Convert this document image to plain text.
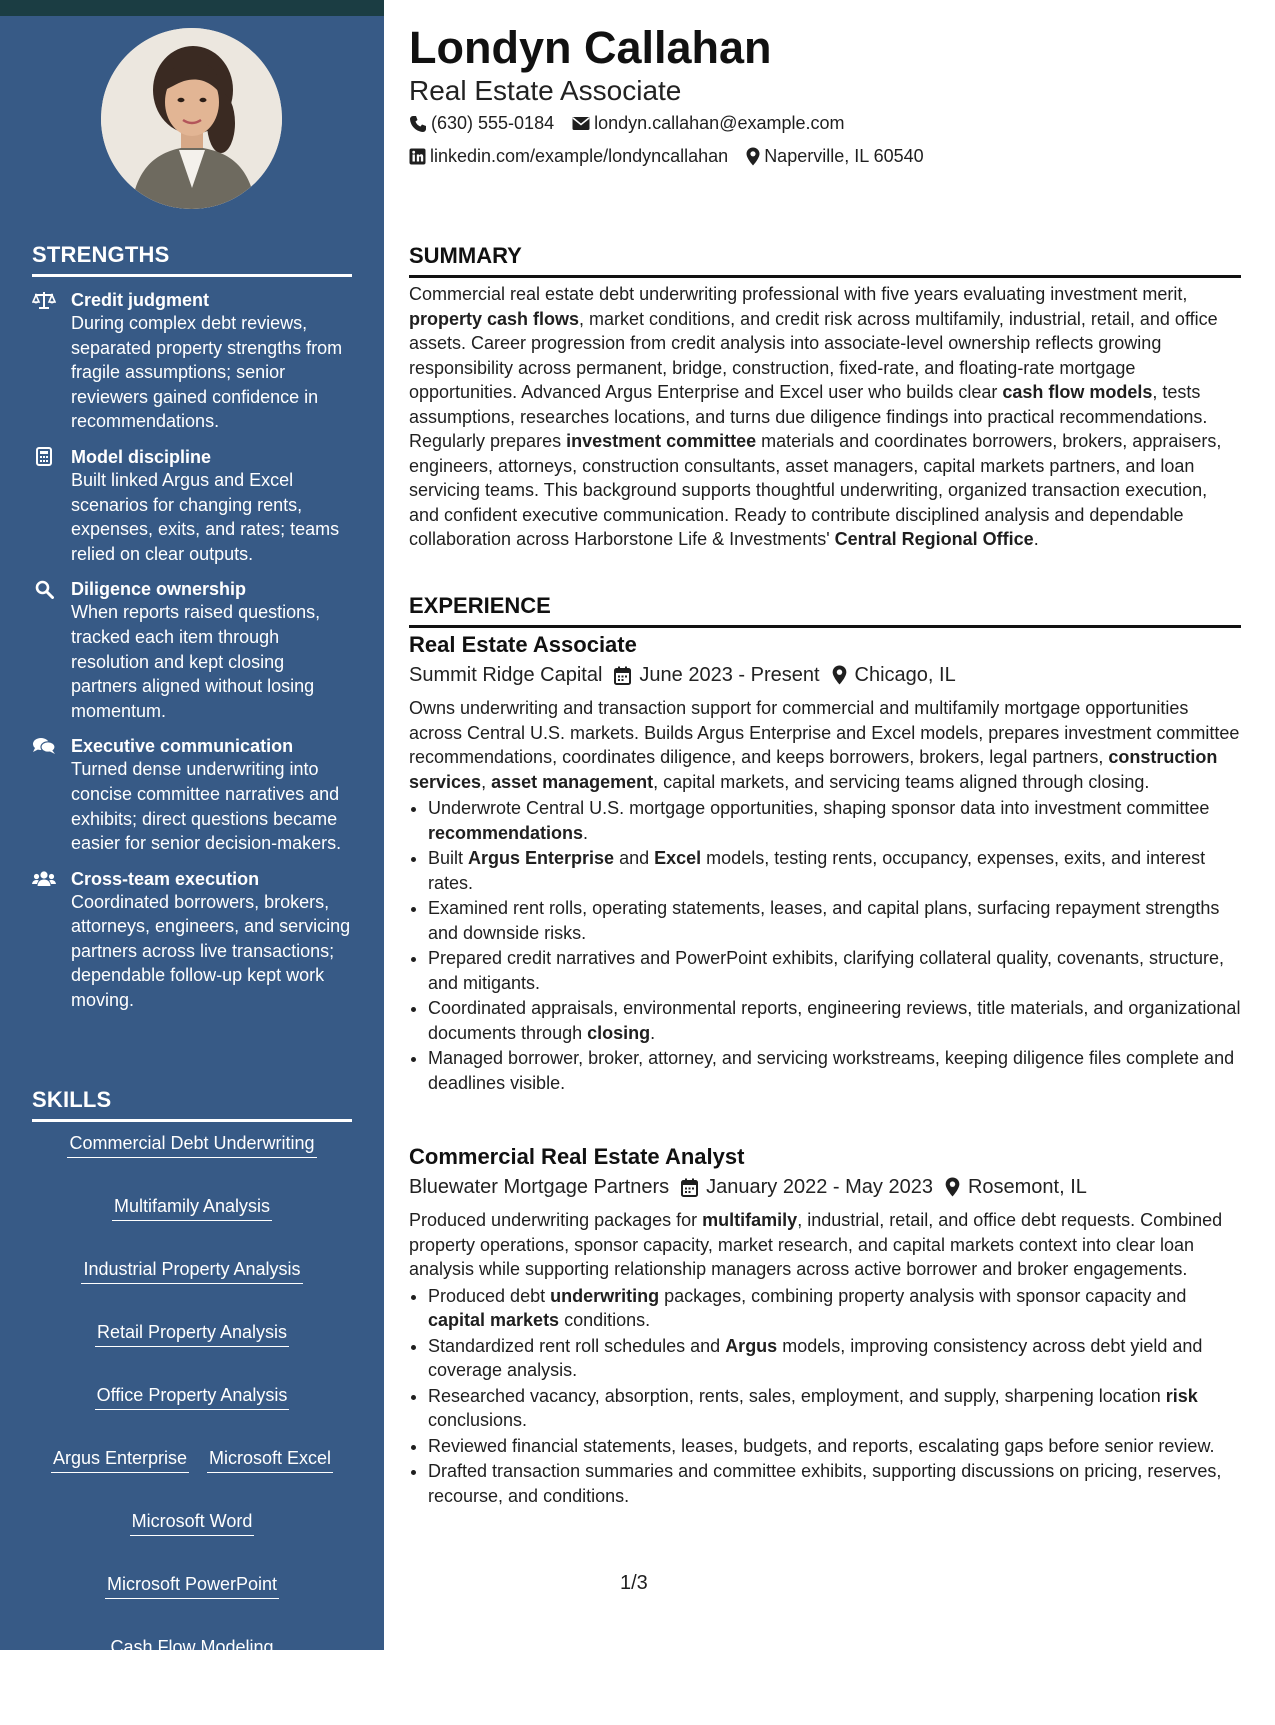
STRENGTHS
Credit judgment
During complex debt reviews, separated property strengths from fragile assumptions; senior reviewers gained confidence in recommendations.
Model discipline
Built linked Argus and Excel scenarios for changing rents, expenses, exits, and rates; teams relied on clear outputs.
Diligence ownership
When reports raised questions, tracked each item through resolution and kept closing partners aligned without losing momentum.
Executive communication
Turned dense underwriting into concise committee narratives and exhibits; direct questions became easier for senior decision-makers.
Cross-team execution
Coordinated borrowers, brokers, attorneys, engineers, and servicing partners across live transactions; dependable follow-up kept work moving.
SKILLS
Commercial Debt Underwriting
Multifamily Analysis
Industrial Property Analysis
Retail Property Analysis
Office Property Analysis
Argus Enterprise Microsoft Excel
Microsoft Word
Microsoft PowerPoint
Cash Flow Modeling
Rent Roll Analysis
Londyn Callahan
Real Estate Associate
(630) 555-0184 londyn.callahan@example.com
linkedin.com/example/londyncallahan Naperville, IL 60540
SUMMARY
Commercial real estate debt underwriting professional with five years evaluating investment merit, property cash flows, market conditions, and credit risk across multifamily, industrial, retail, and office assets. Career progression from credit analysis into associate-level ownership reflects growing responsibility across permanent, bridge, construction, fixed-rate, and floating-rate mortgage opportunities. Advanced Argus Enterprise and Excel user who builds clear cash flow models, tests assumptions, researches locations, and turns due diligence findings into practical recommendations. Regularly prepares investment committee materials and coordinates borrowers, brokers, appraisers, engineers, attorneys, construction consultants, asset managers, capital markets partners, and loan servicing teams. This background supports thoughtful underwriting, organized transaction execution, and confident executive communication. Ready to contribute disciplined analysis and dependable collaboration across Harborstone Life & Investments' Central Regional Office.
EXPERIENCE
Real Estate Associate
Summit Ridge Capital June 2023 - Present Chicago, IL
Owns underwriting and transaction support for commercial and multifamily mortgage opportunities across Central U.S. markets. Builds Argus Enterprise and Excel models, prepares investment committee recommendations, coordinates diligence, and keeps borrowers, brokers, legal partners, construction services, asset management, capital markets, and servicing teams aligned through closing.
• Underwrote Central U.S. mortgage opportunities, shaping sponsor data into investment committee recommendations.
• Built Argus Enterprise and Excel models, testing rents, occupancy, expenses, exits, and interest rates.
• Examined rent rolls, operating statements, leases, and capital plans, surfacing repayment strengths and downside risks.
• Prepared credit narratives and PowerPoint exhibits, clarifying collateral quality, covenants, structure, and mitigants.
• Coordinated appraisals, environmental reports, engineering reviews, title materials, and organizational documents through closing.
• Managed borrower, broker, attorney, and servicing workstreams, keeping diligence files complete and deadlines visible.
Commercial Real Estate Analyst
Bluewater Mortgage Partners January 2022 - May 2023 Rosemont, IL
Produced underwriting packages for multifamily, industrial, retail, and office debt requests. Combined property operations, sponsor capacity, market research, and capital markets context into clear loan analysis while supporting relationship managers across active borrower and broker engagements.
• Produced debt underwriting packages, combining property analysis with sponsor capacity and capital markets conditions.
• Standardized rent roll schedules and Argus models, improving consistency across debt yield and coverage analysis.
• Researched vacancy, absorption, rents, sales, employment, and supply, sharpening location risk conclusions.
• Reviewed financial statements, leases, budgets, and reports, escalating gaps before senior review.
• Drafted transaction summaries and committee exhibits, supporting discussions on pricing, reserves, recourse, and conditions.
1/3
